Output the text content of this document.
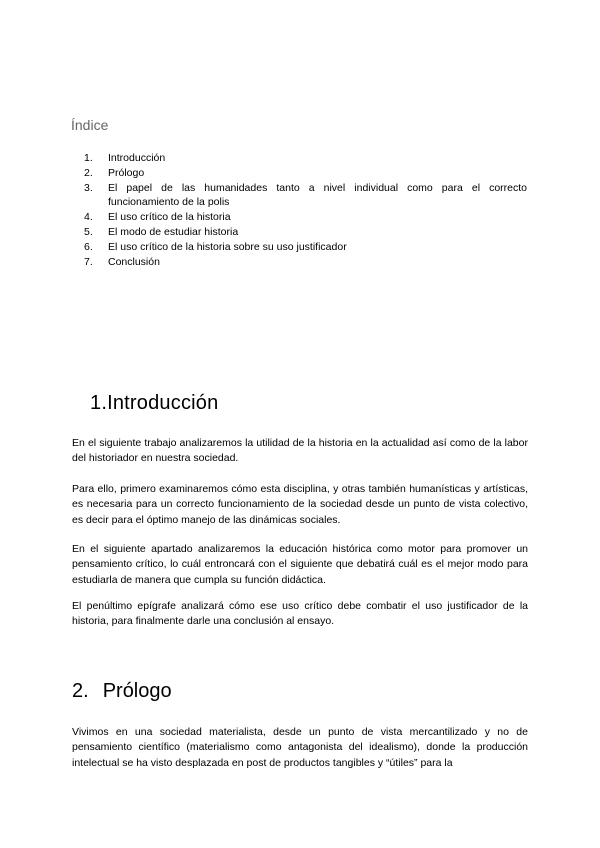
Índice
1.	Introducción
2.	Prólogo
3.	El papel de las humanidades tanto a nivel individual como para el correcto funcionamiento de la polis
4.	El uso crítico de la historia
5.	El modo de estudiar historia
6.	El uso crítico de la historia sobre su uso justificador
7.	Conclusión
1.Introducción

En el siguiente trabajo analizaremos la utilidad de la historia en la actualidad así como de la labor del historiador en nuestra sociedad.

Para ello, primero examinaremos cómo esta disciplina, y otras también humanísticas y artísticas, es necesaria para un correcto funcionamiento de la sociedad desde un punto de vista colectivo, es decir para el óptimo manejo de las dinámicas sociales.

En el siguiente apartado analizaremos la educación histórica como motor para promover un pensamiento crítico, lo cuál entroncará con el siguiente que debatirá cuál es el mejor modo para estudiarla de manera que cumpla su función didáctica.

El penúltimo epígrafe analizará cómo ese uso crítico debe combatir el uso justificador de la historia, para finalmente darle una conclusión al ensayo.

2. Prólogo

Vivimos en una sociedad materialista, desde un punto de vista mercantilizado y no de pensamiento científico (materialismo como antagonista del idealismo), donde la producción intelectual se ha visto desplazada en post de productos tangibles y “útiles” para la
